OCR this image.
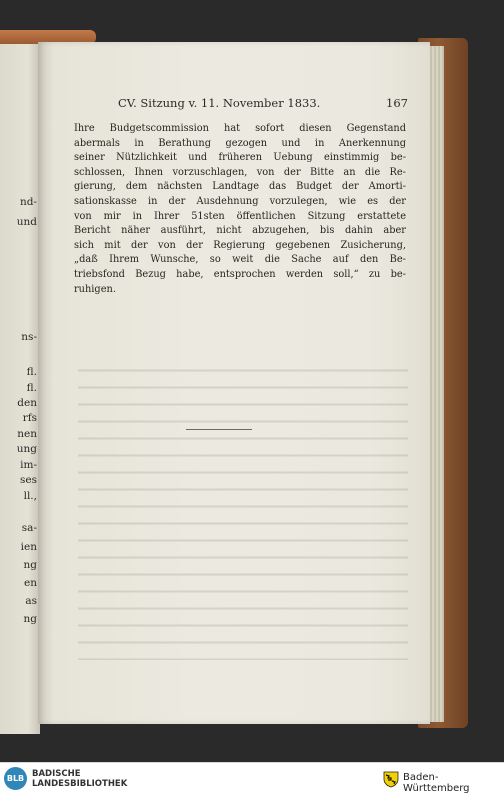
nd-
und
ns-
fl.
fl.
den
rfs
nen
ung
im-
ses
ll.,
sa-
ien
ng
en
as
ng
CV. Sitzung v. 11. November 1833.	167
Ihre Budgetscommission hat sofort diesen Gegenstand
abermals in Berathung gezogen und in Anerkennung
seiner Nützlichkeit und früheren Uebung einstimmig be-
schlossen, Ihnen vorzuschlagen, von der Bitte an die Re-
gierung, dem nächsten Landtage das Budget der Amorti-
sationskasse in der Ausdehnung vorzulegen, wie es der
von mir in Ihrer 51sten öffentlichen Sitzung erstattete
Bericht näher ausführt, nicht abzugehen, bis dahin aber
sich mit der von der Regierung gegebenen Zusicherung,
„daß Ihrem Wunsche, so weit die Sache auf den Be-
triebsfond Bezug habe, entsprochen werden soll,“ zu be-
ruhigen.
BLB BADISCHE
LANDESBIBLIOTHEK
Baden-Württemberg
